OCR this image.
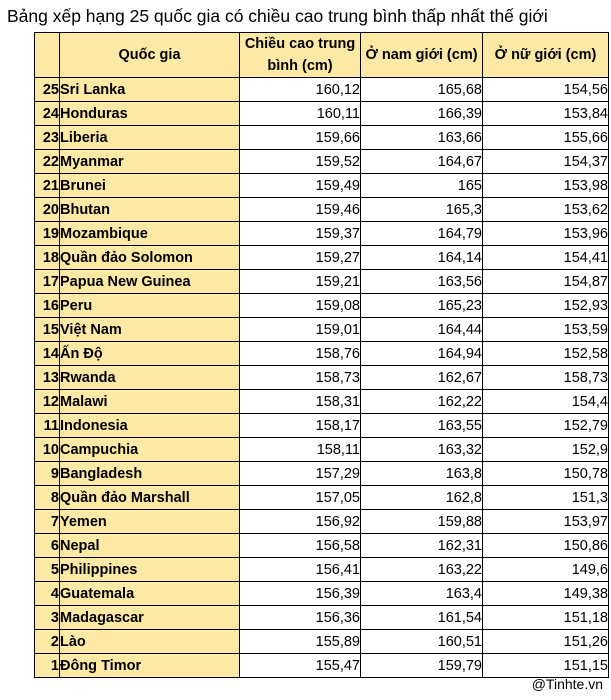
Bảng xếp hạng 25 quốc gia có chiều cao trung bình thấp nhất thế giới
	Quốc gia	Chiều cao trung bình (cm)	Ở nam giới (cm)	Ở nữ giới (cm)
25	Sri Lanka	160,12	165,68	154,56
24	Honduras	160,11	166,39	153,84
23	Liberia	159,66	163,66	155,66
22	Myanmar	159,52	164,67	154,37
21	Brunei	159,49	165	153,98
20	Bhutan	159,46	165,3	153,62
19	Mozambique	159,37	164,79	153,96
18	Quần đảo Solomon	159,27	164,14	154,41
17	Papua New Guinea	159,21	163,56	154,87
16	Peru	159,08	165,23	152,93
15	Việt Nam	159,01	164,44	153,59
14	Ấn Độ	158,76	164,94	152,58
13	Rwanda	158,73	162,67	158,73
12	Malawi	158,31	162,22	154,4
11	Indonesia	158,17	163,55	152,79
10	Campuchia	158,11	163,32	152,9
9	Bangladesh	157,29	163,8	150,78
8	Quần đảo Marshall	157,05	162,8	151,3
7	Yemen	156,92	159,88	153,97
6	Nepal	156,58	162,31	150,86
5	Philippines	156,41	163,22	149,6
4	Guatemala	156,39	163,4	149,38
3	Madagascar	156,36	161,54	151,18
2	Lào	155,89	160,51	151,26
1	Đông Timor	155,47	159,79	151,15
@Tinhte.vn
